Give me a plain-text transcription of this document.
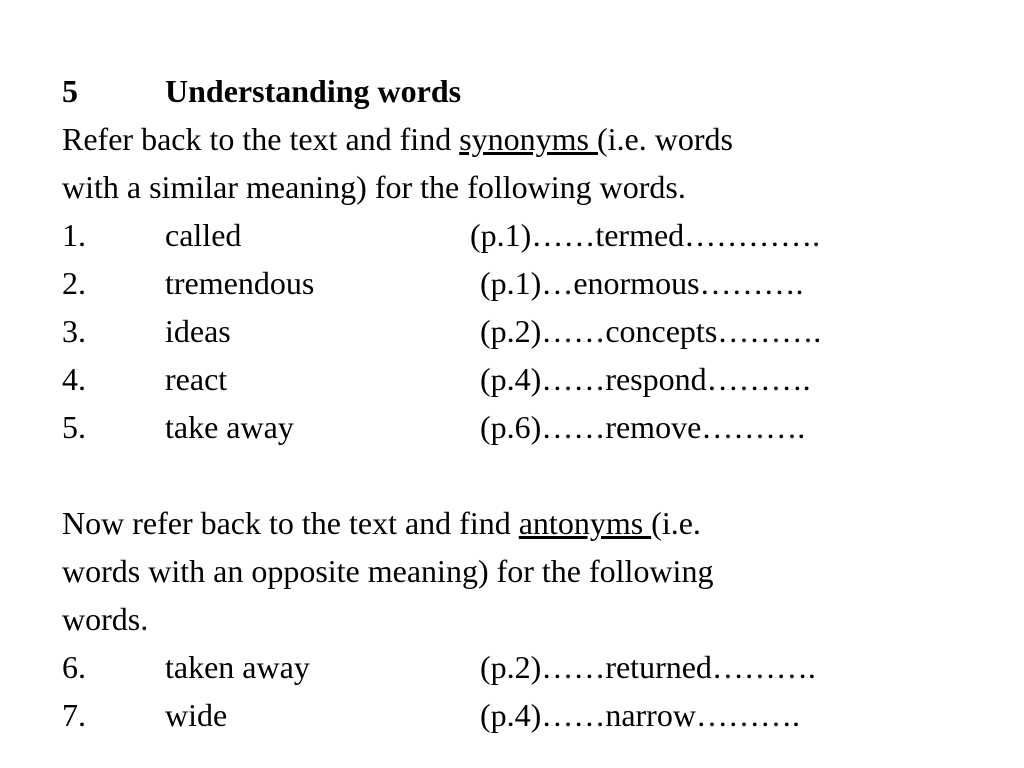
5	Understanding words
Refer back to the text and find synonyms (i.e. words
with a similar meaning) for the following words.
1. called	(p.1)……termed………….
2. tremendous	(p.1)…enormous……….
3. ideas	(p.2)……concepts……….
4. react	(p.4)……respond……….
5. take away	(p.6)……remove……….
Now refer back to the text and find antonyms (i.e.
words with an opposite meaning) for the following
words.
6. taken away	(p.2)……returned……….
7. wide	(p.4)……narrow……….
